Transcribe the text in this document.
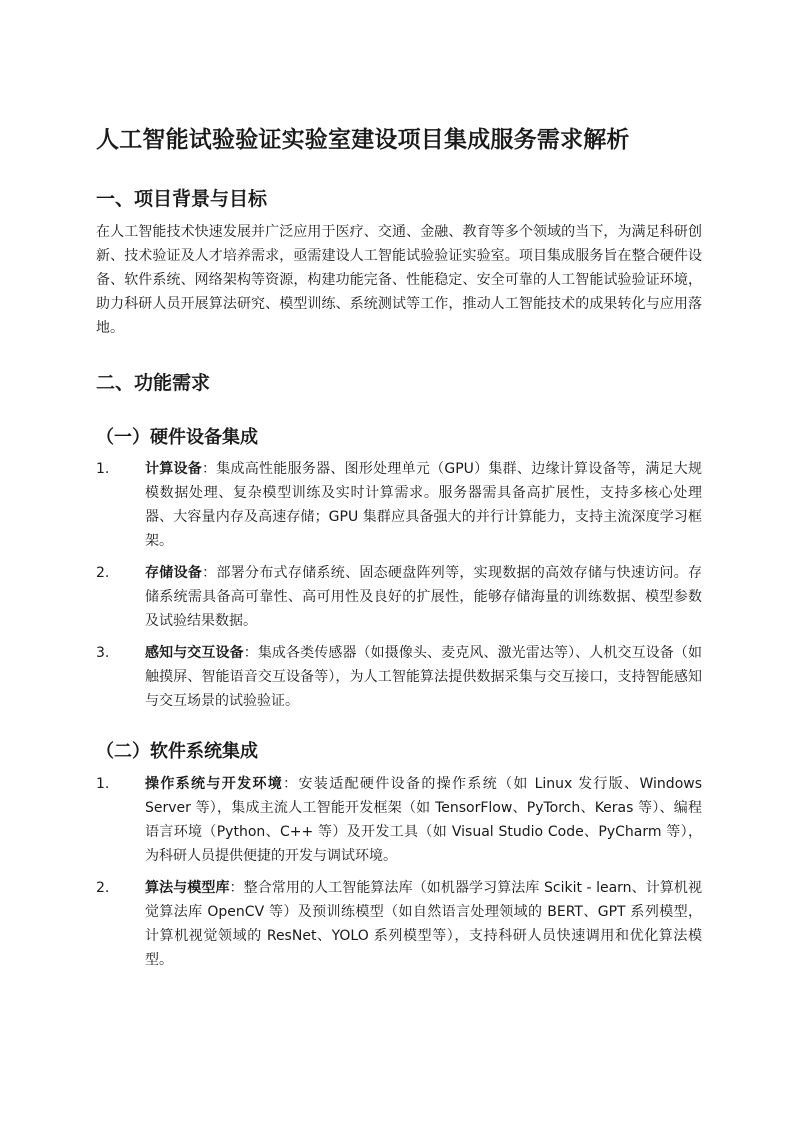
人工智能试验验证实验室建设项目集成服务需求解析
一、项目背景与目标

在人工智能技术快速发展并广泛应用于医疗、交通、金融、教育等多个领域的当下，为满足科研创新、技术验证及人才培养需求，亟需建设人工智能试验验证实验室。项目集成服务旨在整合硬件设备、软件系统、网络架构等资源，构建功能完备、性能稳定、安全可靠的人工智能试验验证环境，助力科研人员开展算法研究、模型训练、系统测试等工作，推动人工智能技术的成果转化与应用落地。

二、功能需求
（一）硬件设备集成
1.	计算设备：集成高性能服务器、图形处理单元（GPU）集群、边缘计算设备等，满足大规模数据处理、复杂模型训练及实时计算需求。服务器需具备高扩展性，支持多核心处理器、大容量内存及高速存储；GPU 集群应具备强大的并行计算能力，支持主流深度学习框架。
2.	存储设备：部署分布式存储系统、固态硬盘阵列等，实现数据的高效存储与快速访问。存储系统需具备高可靠性、高可用性及良好的扩展性，能够存储海量的训练数据、模型参数及试验结果数据。
3.	感知与交互设备：集成各类传感器（如摄像头、麦克风、激光雷达等）、人机交互设备（如触摸屏、智能语音交互设备等），为人工智能算法提供数据采集与交互接口，支持智能感知与交互场景的试验验证。
（二）软件系统集成
1.	操作系统与开发环境：安装适配硬件设备的操作系统（如 Linux 发行版、Windows Server 等），集成主流人工智能开发框架（如 TensorFlow、PyTorch、Keras 等）、编程语言环境（Python、C++ 等）及开发工具（如 Visual Studio Code、PyCharm 等），为科研人员提供便捷的开发与调试环境。
2.	算法与模型库：整合常用的人工智能算法库（如机器学习算法库 Scikit - learn、计算机视觉算法库 OpenCV 等）及预训练模型（如自然语言处理领域的 BERT、GPT 系列模型，计算机视觉领域的 ResNet、YOLO 系列模型等），支持科研人员快速调用和优化算法模型。
